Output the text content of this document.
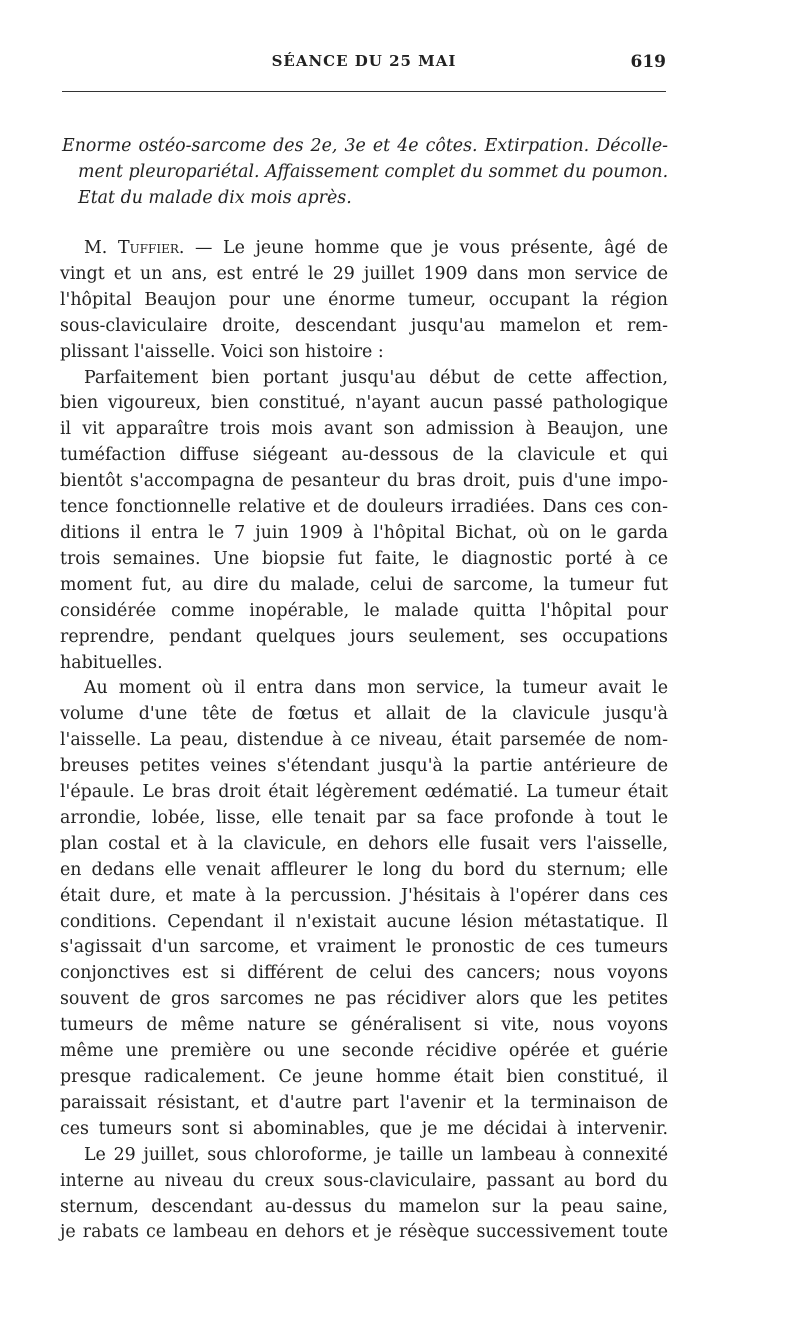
SÉANCE DU 25 MAI	619
Enorme ostéo-sarcome des 2e, 3e et 4e côtes. Extirpation. Décolle-
ment pleuropariétal. Affaissement complet du sommet du poumon.
Etat du malade dix mois après.
M. Tuffier. — Le jeune homme que je vous présente, âgé de
vingt et un ans, est entré le 29 juillet 1909 dans mon service de
l'hôpital Beaujon pour une énorme tumeur, occupant la région
sous-claviculaire droite, descendant jusqu'au mamelon et rem-
plissant l'aisselle. Voici son histoire :
Parfaitement bien portant jusqu'au début de cette affection,
bien vigoureux, bien constitué, n'ayant aucun passé pathologique
il vit apparaître trois mois avant son admission à Beaujon, une
tuméfaction diffuse siégeant au-dessous de la clavicule et qui
bientôt s'accompagna de pesanteur du bras droit, puis d'une impo-
tence fonctionnelle relative et de douleurs irradiées. Dans ces con-
ditions il entra le 7 juin 1909 à l'hôpital Bichat, où on le garda
trois semaines. Une biopsie fut faite, le diagnostic porté à ce
moment fut, au dire du malade, celui de sarcome, la tumeur fut
considérée comme inopérable, le malade quitta l'hôpital pour
reprendre, pendant quelques jours seulement, ses occupations
habituelles.
Au moment où il entra dans mon service, la tumeur avait le
volume d'une tête de fœtus et allait de la clavicule jusqu'à
l'aisselle. La peau, distendue à ce niveau, était parsemée de nom-
breuses petites veines s'étendant jusqu'à la partie antérieure de
l'épaule. Le bras droit était légèrement œdématié. La tumeur était
arrondie, lobée, lisse, elle tenait par sa face profonde à tout le
plan costal et à la clavicule, en dehors elle fusait vers l'aisselle,
en dedans elle venait affleurer le long du bord du sternum; elle
était dure, et mate à la percussion. J'hésitais à l'opérer dans ces
conditions. Cependant il n'existait aucune lésion métastatique. Il
s'agissait d'un sarcome, et vraiment le pronostic de ces tumeurs
conjonctives est si différent de celui des cancers; nous voyons
souvent de gros sarcomes ne pas récidiver alors que les petites
tumeurs de même nature se généralisent si vite, nous voyons
même une première ou une seconde récidive opérée et guérie
presque radicalement. Ce jeune homme était bien constitué, il
paraissait résistant, et d'autre part l'avenir et la terminaison de
ces tumeurs sont si abominables, que je me décidai à intervenir.
Le 29 juillet, sous chloroforme, je taille un lambeau à connexité
interne au niveau du creux sous-claviculaire, passant au bord du
sternum, descendant au-dessus du mamelon sur la peau saine,
je rabats ce lambeau en dehors et je résèque successivement toute
